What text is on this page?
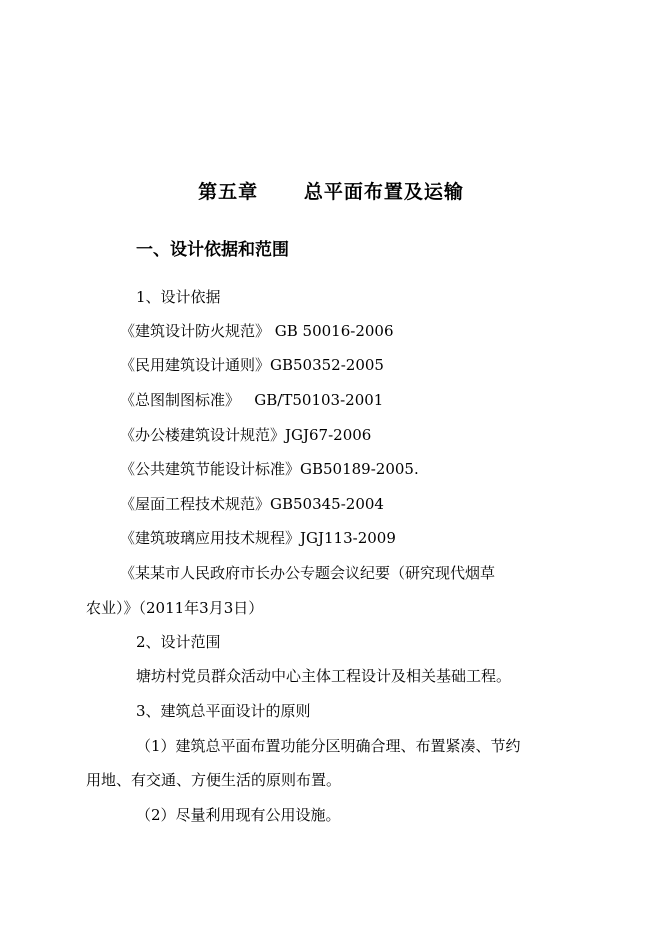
第五章      总平面布置及运输
一、设计依据和范围
1、设计依据
《建筑设计防火规范》 GB 50016-2006
《民用建筑设计通则》GB50352-2005
《总图制图标准》   GB/T50103-2001
《办公楼建筑设计规范》JGJ67-2006
《公共建筑节能设计标准》GB50189-2005.
《屋面工程技术规范》GB50345-2004
《建筑玻璃应用技术规程》JGJ113-2009
《某某市人民政府市长办公专题会议纪要（研究现代烟草
农业）》（2011年3月3日）
2、设计范围
塘坊村党员群众活动中心主体工程设计及相关基础工程。
3、建筑总平面设计的原则
（1）建筑总平面布置功能分区明确合理、布置紧凑、节约
用地、有交通、方便生活的原则布置。
（2）尽量利用现有公用设施。
